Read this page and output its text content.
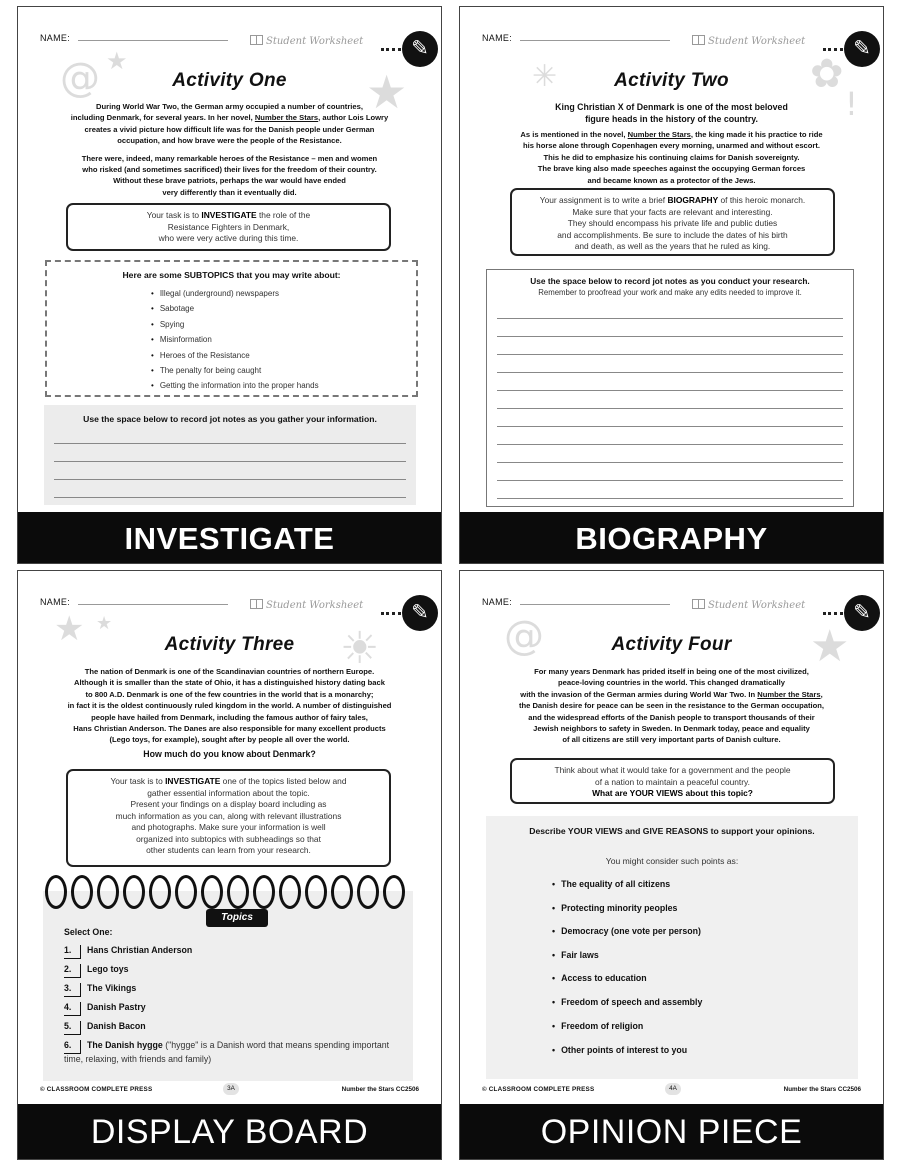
NAME:	Student Worksheet	✎
@ ★
★
Activity One

During World War Two, the German army occupied a number of countries,
including Denmark, for several years. In her novel, Number the Stars, author Lois Lowry
creates a vivid picture how difficult life was for the Danish people under German
occupation, and how brave were the people of the Resistance.

There were, indeed, many remarkable heroes of the Resistance – men and women
who risked (and sometimes sacrificed) their lives for the freedom of their country.
Without these brave patriots, perhaps the war would have ended
very differently than it eventually did.

Your task is to INVESTIGATE the role of the
Resistance Fighters in Denmark,
who were very active during this time.
Here are some SUBTOPICS that you may write about:
• Illegal (underground) newspapers
• Sabotage
• Spying
• Misinformation
• Heroes of the Resistance
• The penalty for being caught
• Getting the information into the proper hands
Use the space below to record jot notes as you gather your information.
INVESTIGATE
NAME:	Student Worksheet	✎
✳	✿
!
Activity Two
King Christian X of Denmark is one of the most beloved
figure heads in the history of the country.

As is mentioned in the novel, Number the Stars, the king made it his practice to ride
his horse alone through Copenhagen every morning, unarmed and without escort.
This he did to emphasize his continuing claims for Danish sovereignty.
The brave king also made speeches against the occupying German forces
and became known as a protector of the Jews.

Your assignment is to write a brief BIOGRAPHY of this heroic monarch.
Make sure that your facts are relevant and interesting.
They should encompass his private life and public duties
and accomplishments. Be sure to include the dates of his birth
and death, as well as the years that he ruled as king.
Use the space below to record jot notes as you conduct your research.
Remember to proofread your work and make any edits needed to improve it.
BIOGRAPHY
NAME:	Student Worksheet	✎
★ ★	☀
Activity Three

The nation of Denmark is one of the Scandinavian countries of northern Europe.
Although it is smaller than the state of Ohio, it has a distinguished history dating back
to 800 A.D. Denmark is one of the few countries in the world that is a monarchy;
in fact it is the oldest continuously ruled kingdom in the world. A number of distinguished
people have hailed from Denmark, including the famous author of fairy tales,
Hans Christian Anderson. The Danes are also responsible for many excellent products
(Lego toys, for example), sought after by people all over the world.

How much do you know about Denmark?
Your task is to INVESTIGATE one of the topics listed below and
gather essential information about the topic.
Present your findings on a display board including as
much information as you can, along with relevant illustrations
and photographs. Make sure your information is well
organized into subtopics with subheadings so that
other students can learn from your research.
Topics
Select One:
1. Hans Christian Anderson
2. Lego toys
3. The Vikings
4. Danish Pastry
5. Danish Bacon
6. The Danish hygge ("hygge" is a Danish word that means spending important time, relaxing, with friends and family)
© CLASSROOM COMPLETE PRESS	3A	Number the Stars CC2506
DISPLAY BOARD
NAME:	Student Worksheet	✎
@	★
Activity Four

For many years Denmark has prided itself in being one of the most civilized,
peace-loving countries in the world. This changed dramatically
with the invasion of the German armies during World War Two. In Number the Stars,
the Danish desire for peace can be seen in the resistance to the German occupation,
and the widespread efforts of the Danish people to transport thousands of their
Jewish neighbors to safety in Sweden. In Denmark today, peace and equality
of all citizens are still very important parts of Danish culture.

Think about what it would take for a government and the people
of a nation to maintain a peaceful country.
What are YOUR VIEWS about this topic?
Describe YOUR VIEWS and GIVE REASONS to support your opinions.
You might consider such points as:
• The equality of all citizens
• Protecting minority peoples
• Democracy (one vote per person)
• Fair laws
• Access to education
• Freedom of speech and assembly
• Freedom of religion
• Other points of interest to you
© CLASSROOM COMPLETE PRESS	4A	Number the Stars CC2506
OPINION PIECE
